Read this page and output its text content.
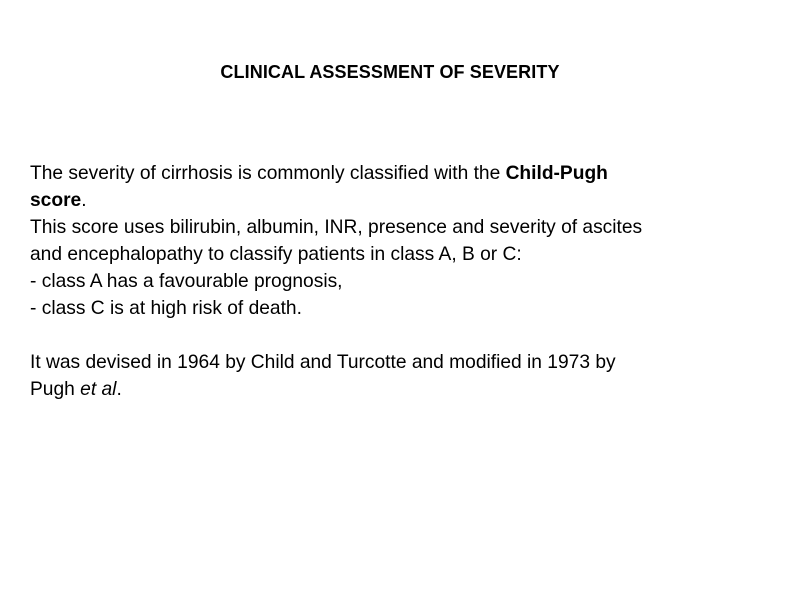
CLINICAL ASSESSMENT OF SEVERITY
The severity of cirrhosis is commonly classified with the Child-Pugh
score.
This score uses bilirubin, albumin, INR, presence and severity of ascites
and encephalopathy to classify patients in class A, B or C:
- class A has a favourable prognosis,
- class C is at high risk of death.
It was devised in 1964 by Child and Turcotte and modified in 1973 by
Pugh et al.
